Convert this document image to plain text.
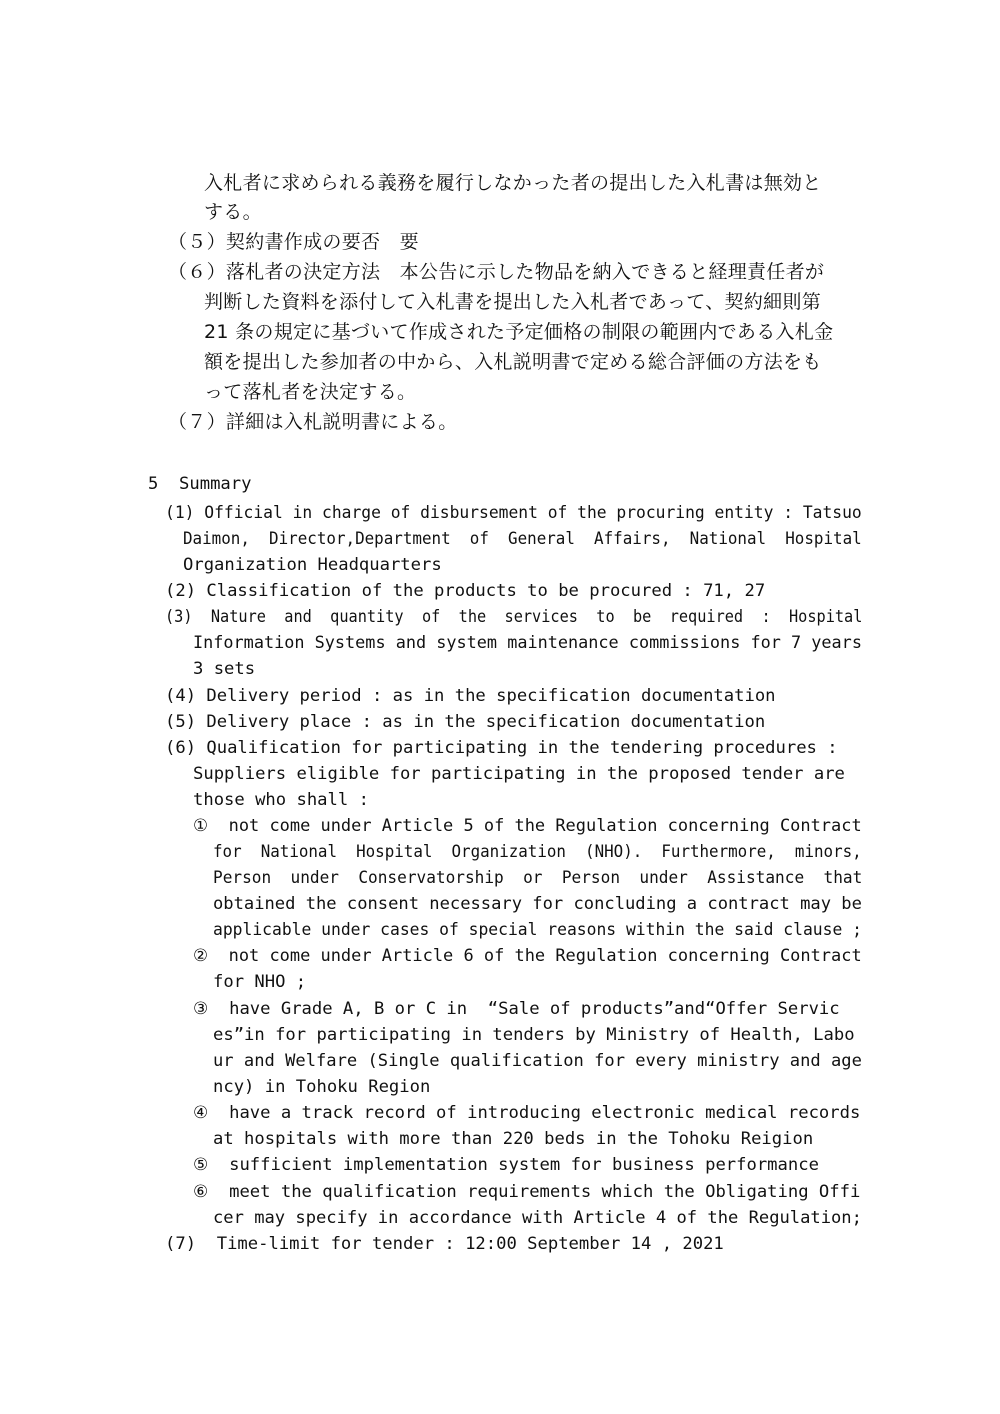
入札者に求められる義務を履行しなかった者の提出した入札書は無効と
する。
（５）契約書作成の要否　要
（６）落札者の決定方法　本公告に示した物品を納入できると経理責任者が
判断した資料を添付して入札書を提出した入札者であって、契約細則第
21 条の規定に基づいて作成された予定価格の制限の範囲内である入札金
額を提出した参加者の中から、入札説明書で定める総合評価の方法をも
って落札者を決定する。
（７）詳細は入札説明書による。
5  Summary
(1) Official in charge of disbursement of the procuring entity : Tatsuo
Daimon,  Director,Department  of  General  Affairs,  National  Hospital
Organization Headquarters
(2) Classification of the products to be procured : 71, 27
(3)  Nature  and  quantity  of  the  services  to  be  required  :  Hospital
Information Systems and system maintenance commissions for 7 years
3 sets
(4) Delivery period : as in the specification documentation
(5) Delivery place : as in the specification documentation
(6) Qualification for participating in the tendering procedures :
Suppliers eligible for participating in the proposed tender are
those who shall :
①  not come under Article 5 of the Regulation concerning Contract
for  National  Hospital  Organization  (NHO).  Furthermore,  minors,
Person  under  Conservatorship  or  Person  under  Assistance  that
obtained the consent necessary for concluding a contract may be
applicable under cases of special reasons within the said clause ;
②  not come under Article 6 of the Regulation concerning Contract
for NHO ;
③  have Grade A, B or C in  “Sale of products”and“Offer Servic
es”in for participating in tenders by Ministry of Health, Labo
ur and Welfare (Single qualification for every ministry and age
ncy) in Tohoku Region
④  have a track record of introducing electronic medical records
at hospitals with more than 220 beds in the Tohoku Reigion
⑤  sufficient implementation system for business performance
⑥  meet the qualification requirements which the Obligating Offi
cer may specify in accordance with Article 4 of the Regulation;
(7)  Time-limit for tender : 12:00 September 14 , 2021
